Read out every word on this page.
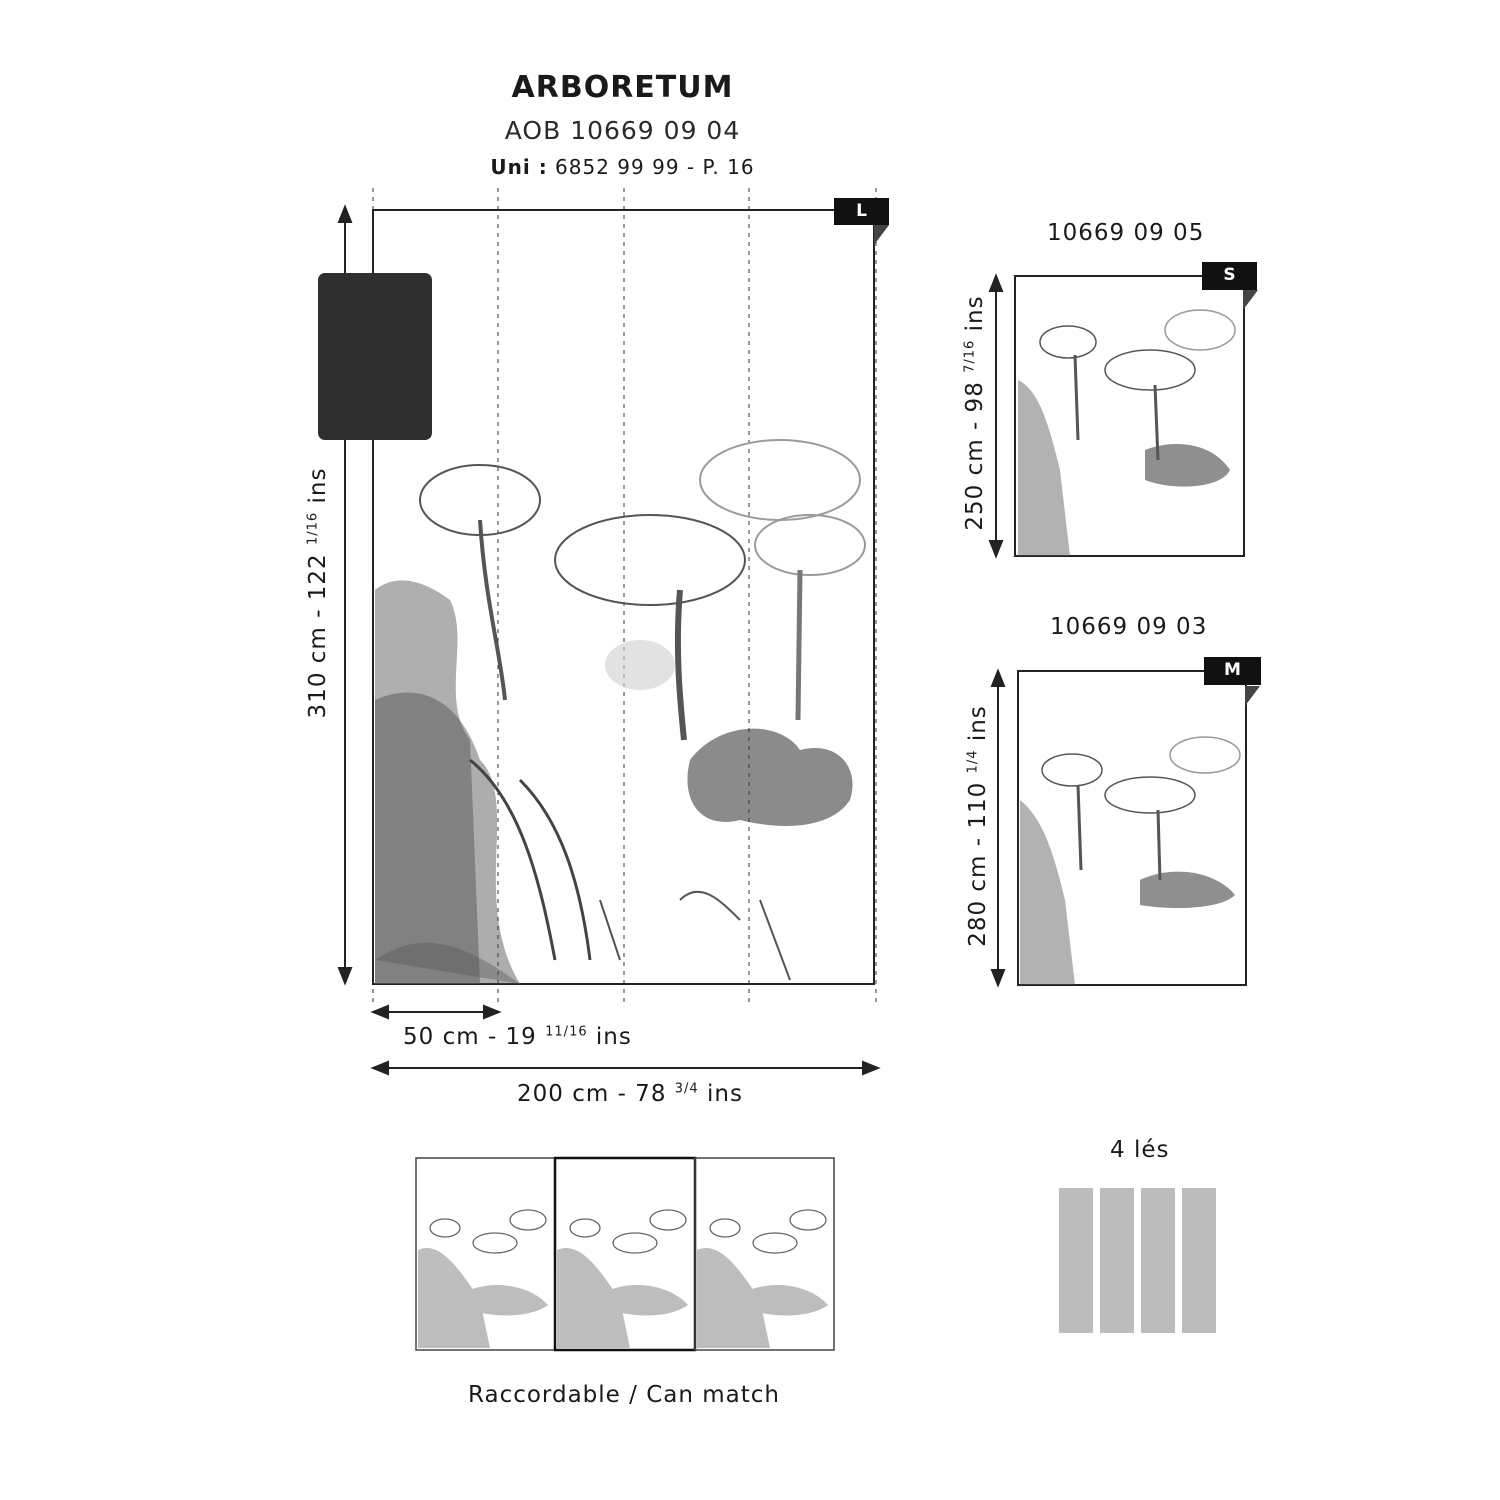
ARBORETUM
AOB 10669 09 04
Uni : 6852 99 99 - P. 16
L
310 cm - 122 $^{1/16}$ ins
50 cm - 19 $^{11/16}$ ins
200 cm - 78 $^{3/4}$ ins
10669 09 05
S
250 cm - 98 $^{7/16}$ ins
10669 09 03
M
280 cm - 110 $^{1/4}$ ins
Raccordable / Can match
4 lés
